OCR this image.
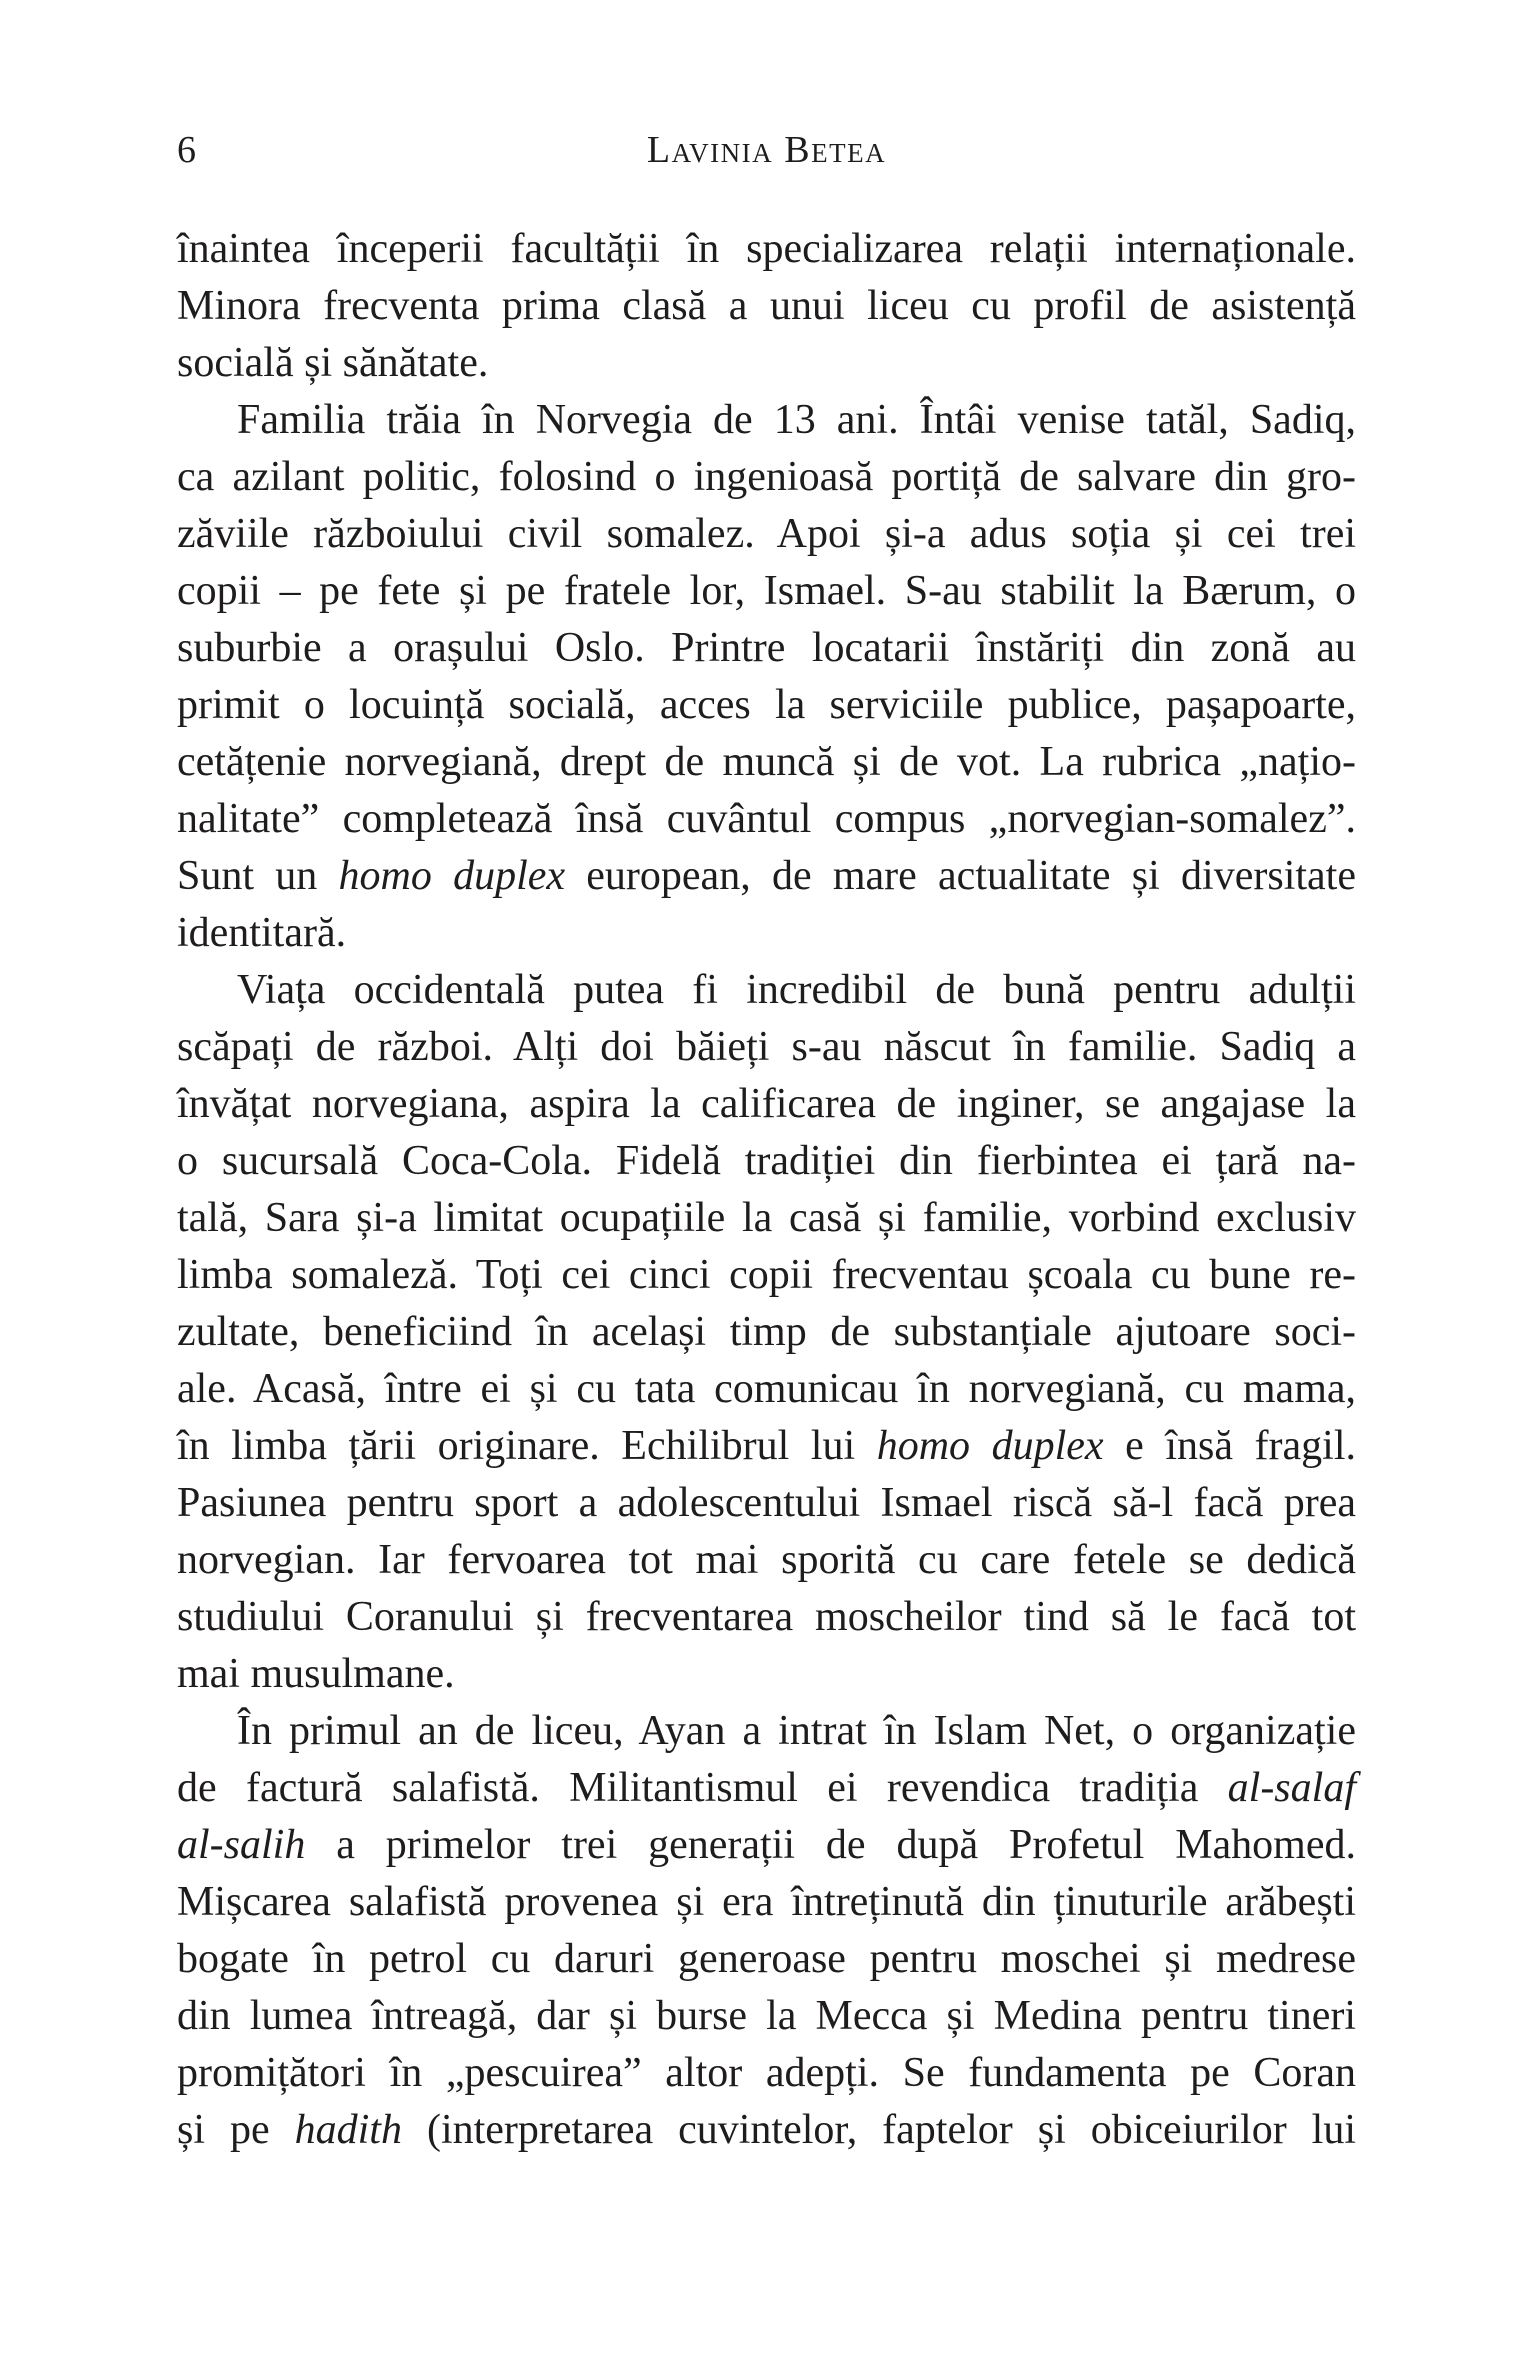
6	Lavinia Betea
înaintea începerii facultății în specializarea relații internaționale.
Minora frecventa prima clasă a unui liceu cu profil de asistență
socială și sănătate.
Familia trăia în Norvegia de 13 ani. Întâi venise tatăl, Sadiq,
ca azilant politic, folosind o ingenioasă portiță de salvare din gro-
zăviile războiului civil somalez. Apoi și-a adus soția și cei trei
copii – pe fete și pe fratele lor, Ismael. S-au stabilit la Bærum, o
suburbie a orașului Oslo. Printre locatarii înstăriți din zonă au
primit o locuință socială, acces la serviciile publice, pașapoarte,
cetățenie norvegiană, drept de muncă și de vot. La rubrica „națio-
nalitate” completează însă cuvântul compus „norvegian-somalez”.
Sunt un homo duplex european, de mare actualitate și diversitate
identitară.
Viața occidentală putea fi incredibil de bună pentru adulții
scăpați de război. Alți doi băieți s-au născut în familie. Sadiq a
învățat norvegiana, aspira la calificarea de inginer, se angajase la
o sucursală Coca-Cola. Fidelă tradiției din fierbintea ei țară na-
tală, Sara și-a limitat ocupațiile la casă și familie, vorbind exclusiv
limba somaleză. Toți cei cinci copii frecventau școala cu bune re-
zultate, beneficiind în același timp de substanțiale ajutoare soci-
ale. Acasă, între ei și cu tata comunicau în norvegiană, cu mama,
în limba țării originare. Echilibrul lui homo duplex e însă fragil.
Pasiunea pentru sport a adolescentului Ismael riscă să-l facă prea
norvegian. Iar fervoarea tot mai sporită cu care fetele se dedică
studiului Coranului și frecventarea moscheilor tind să le facă tot
mai musulmane.
În primul an de liceu, Ayan a intrat în Islam Net, o organizație
de factură salafistă. Militantismul ei revendica tradiția al-salaf
al-salih a primelor trei generații de după Profetul Mahomed.
Mișcarea salafistă provenea și era întreținută din ținuturile arăbești
bogate în petrol cu daruri generoase pentru moschei și medrese
din lumea întreagă, dar și burse la Mecca și Medina pentru tineri
promițători în „pescuirea” altor adepți. Se fundamenta pe Coran
și pe hadith (interpretarea cuvintelor, faptelor și obiceiurilor lui
